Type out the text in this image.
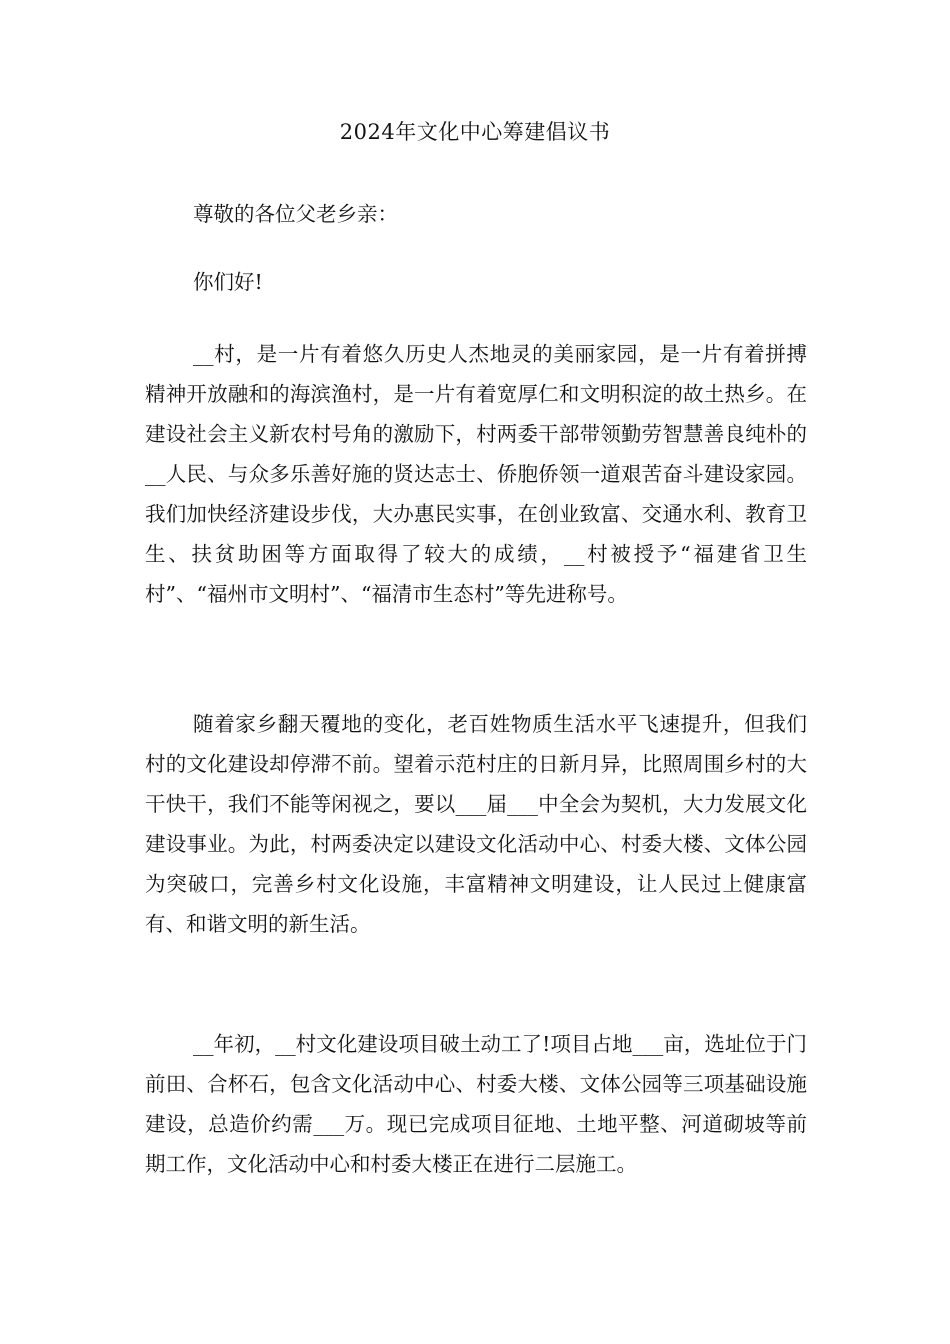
2024年文化中心筹建倡议书

尊敬的各位父老乡亲：

你们好!

__村，是一片有着悠久历史人杰地灵的美丽家园，是一片有着拼搏精神开放融和的海滨渔村，是一片有着宽厚仁和文明积淀的故土热乡。在建设社会主义新农村号角的激励下，村两委干部带领勤劳智慧善良纯朴的__人民、与众多乐善好施的贤达志士、侨胞侨领一道艰苦奋斗建设家园。我们加快经济建设步伐，大办惠民实事，在创业致富、交通水利、教育卫生、扶贫助困等方面取得了较大的成绩，__村被授予“福建省卫生村”、“福州市文明村”、“福清市生态村”等先进称号。

随着家乡翻天覆地的变化，老百姓物质生活水平飞速提升，但我们村的文化建设却停滞不前。望着示范村庄的日新月异，比照周围乡村的大干快干，我们不能等闲视之，要以___届___中全会为契机，大力发展文化建设事业。为此，村两委决定以建设文化活动中心、村委大楼、文体公园为突破口，完善乡村文化设施，丰富精神文明建设，让人民过上健康富有、和谐文明的新生活。

__年初，__村文化建设项目破土动工了!项目占地___亩，选址位于门前田、合杯石，包含文化活动中心、村委大楼、文体公园等三项基础设施建设，总造价约需___万。现已完成项目征地、土地平整、河道砌坡等前期工作，文化活动中心和村委大楼正在进行二层施工。
